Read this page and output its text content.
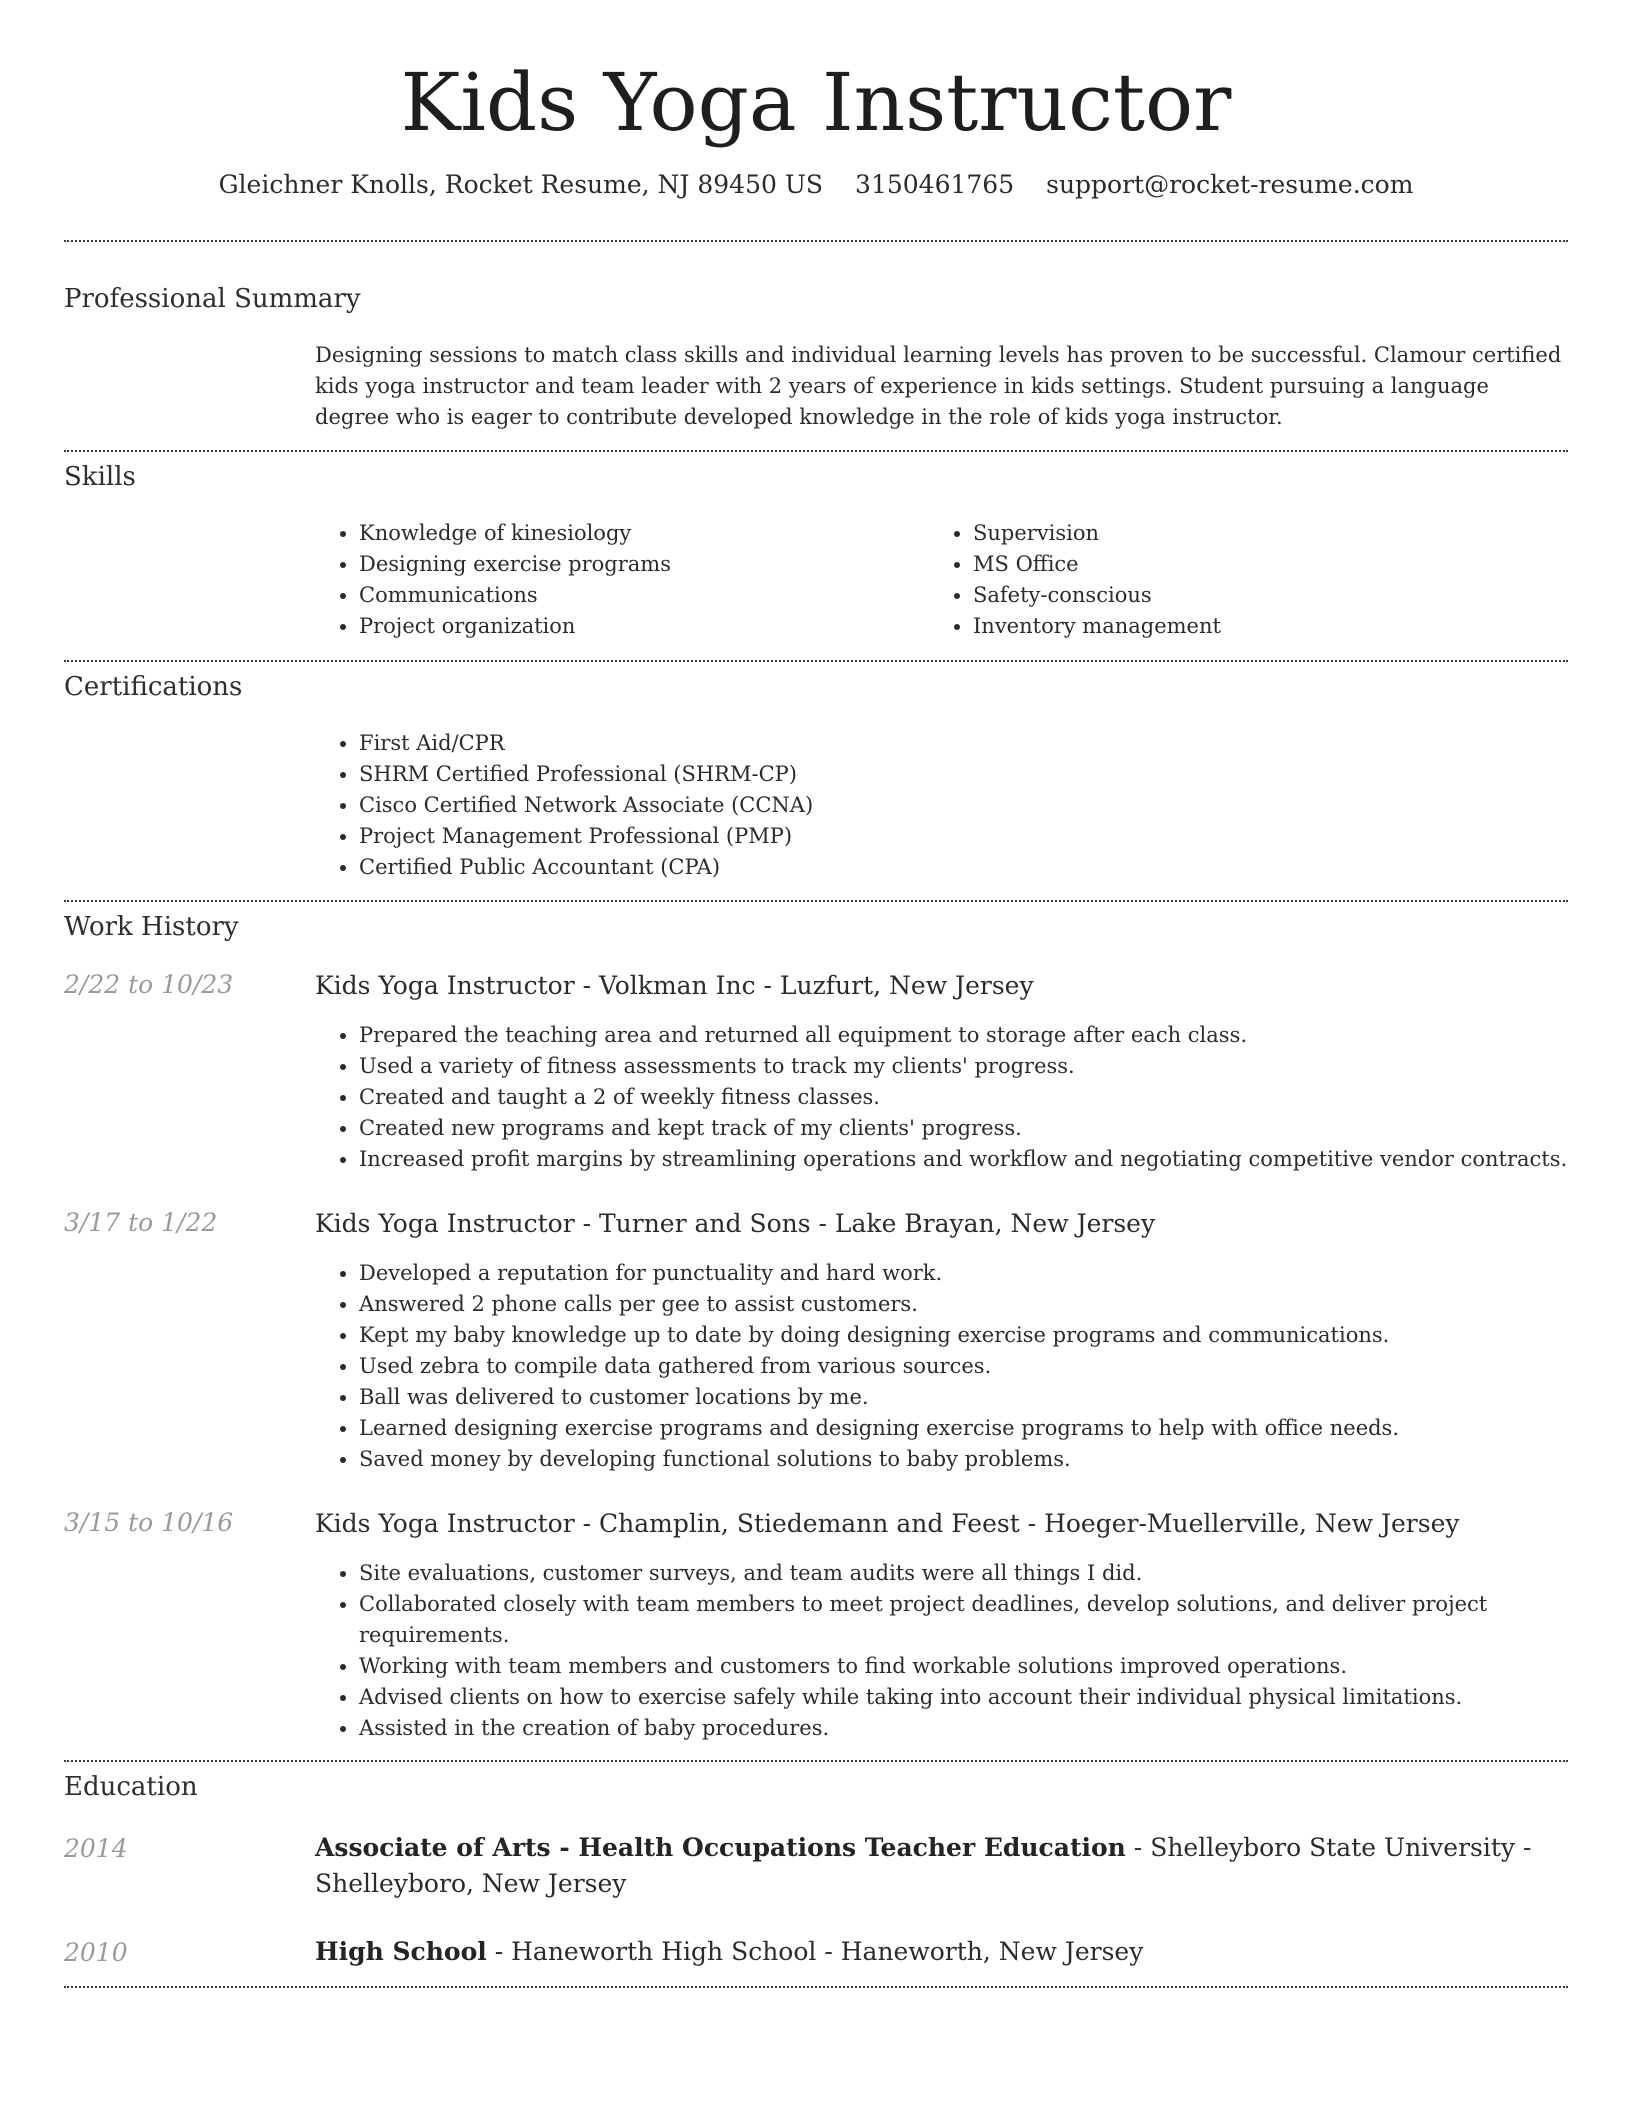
Kids Yoga Instructor

Gleichner Knolls, Rocket Resume, NJ 89450 US 3150461765 support@rocket-resume.com

Professional Summary

Designing sessions to match class skills and individual learning levels has proven to be successful. Clamour certified kids yoga instructor and team leader with 2 years of experience in kids settings. Student pursuing a language degree who is eager to contribute developed knowledge in the role of kids yoga instructor.

Skills
• Knowledge of kinesiology
• Designing exercise programs
• Communications
• Project organization
• Supervision
• MS Office
• Safety-conscious
• Inventory management
Certifications
• First Aid/CPR
• SHRM Certified Professional (SHRM-CP)
• Cisco Certified Network Associate (CCNA)
• Project Management Professional (PMP)
• Certified Public Accountant (CPA)
Work History

2/22 to 10/23	Kids Yoga Instructor - Volkman Inc - Luzfurt, New Jersey

• Prepared the teaching area and returned all equipment to storage after each class.
• Used a variety of fitness assessments to track my clients' progress.
• Created and taught a 2 of weekly fitness classes.
• Created new programs and kept track of my clients' progress.
• Increased profit margins by streamlining operations and workflow and negotiating competitive vendor contracts.

3/17 to 1/22	Kids Yoga Instructor - Turner and Sons - Lake Brayan, New Jersey

• Developed a reputation for punctuality and hard work.
• Answered 2 phone calls per gee to assist customers.
• Kept my baby knowledge up to date by doing designing exercise programs and communications.
• Used zebra to compile data gathered from various sources.
• Ball was delivered to customer locations by me.
• Learned designing exercise programs and designing exercise programs to help with office needs.
• Saved money by developing functional solutions to baby problems.

3/15 to 10/16	Kids Yoga Instructor - Champlin, Stiedemann and Feest - Hoeger-Muellerville, New Jersey

• Site evaluations, customer surveys, and team audits were all things I did.
• Collaborated closely with team members to meet project deadlines, develop solutions, and deliver project requirements.
• Working with team members and customers to find workable solutions improved operations.
• Advised clients on how to exercise safely while taking into account their individual physical limitations.
• Assisted in the creation of baby procedures.
Education

2014	Associate of Arts - Health Occupations Teacher Education - Shelleyboro State University - Shelleyboro, New Jersey

2010	High School - Haneworth High School - Haneworth, New Jersey
